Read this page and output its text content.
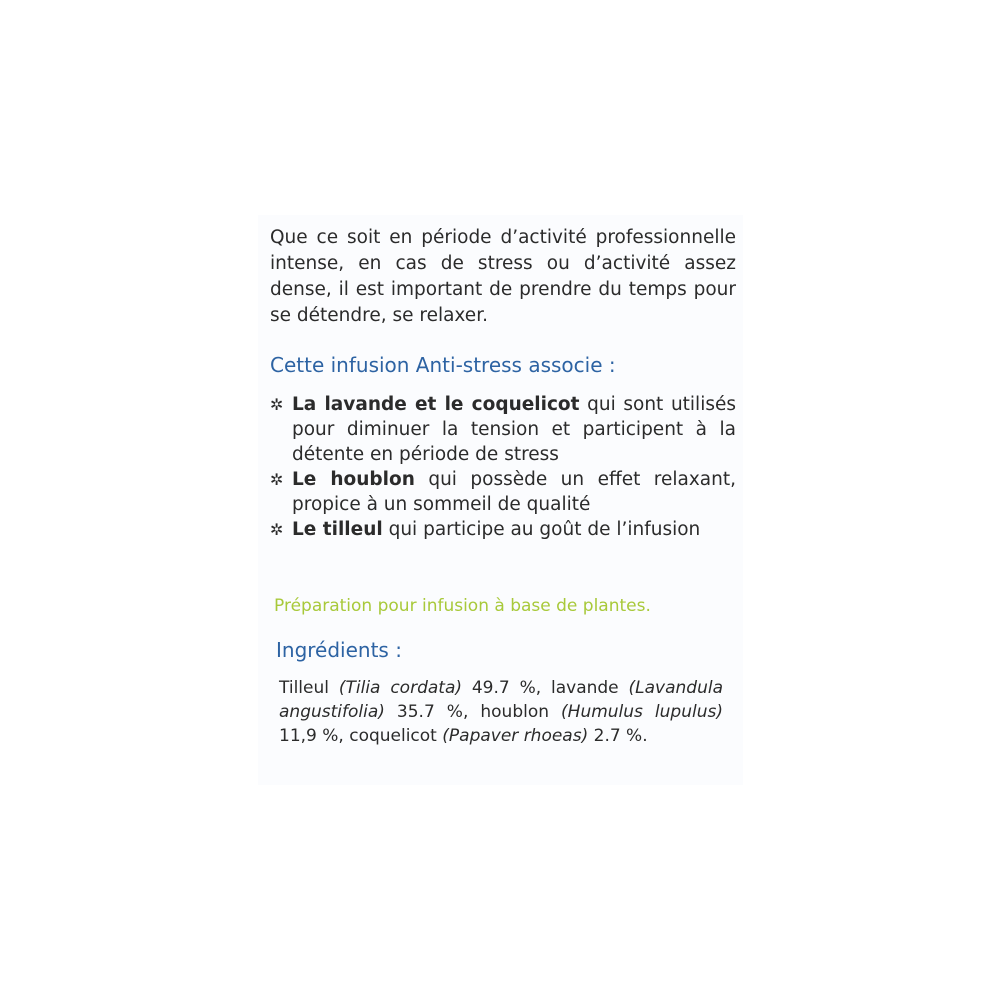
Que ce soit en période d’activité professionnelle intense, en cas de stress ou d’activité assez dense, il est important de prendre du temps pour se détendre, se relaxer.

Cette infusion Anti-stress associe :
✲ La lavande et le coquelicot qui sont utilisés pour diminuer la tension et participent à la détente en période de stress
✲ Le houblon qui possède un effet relaxant, propice à un sommeil de qualité
✲ Le tilleul qui participe au goût de l’infusion
Préparation pour infusion à base de plantes.
Ingrédients :

Tilleul (Tilia cordata) 49.7 %, lavande (Lavandula angustifolia) 35.7 %, houblon (Humulus lupulus) 11,9 %, coquelicot (Papaver rhoeas) 2.7 %.
